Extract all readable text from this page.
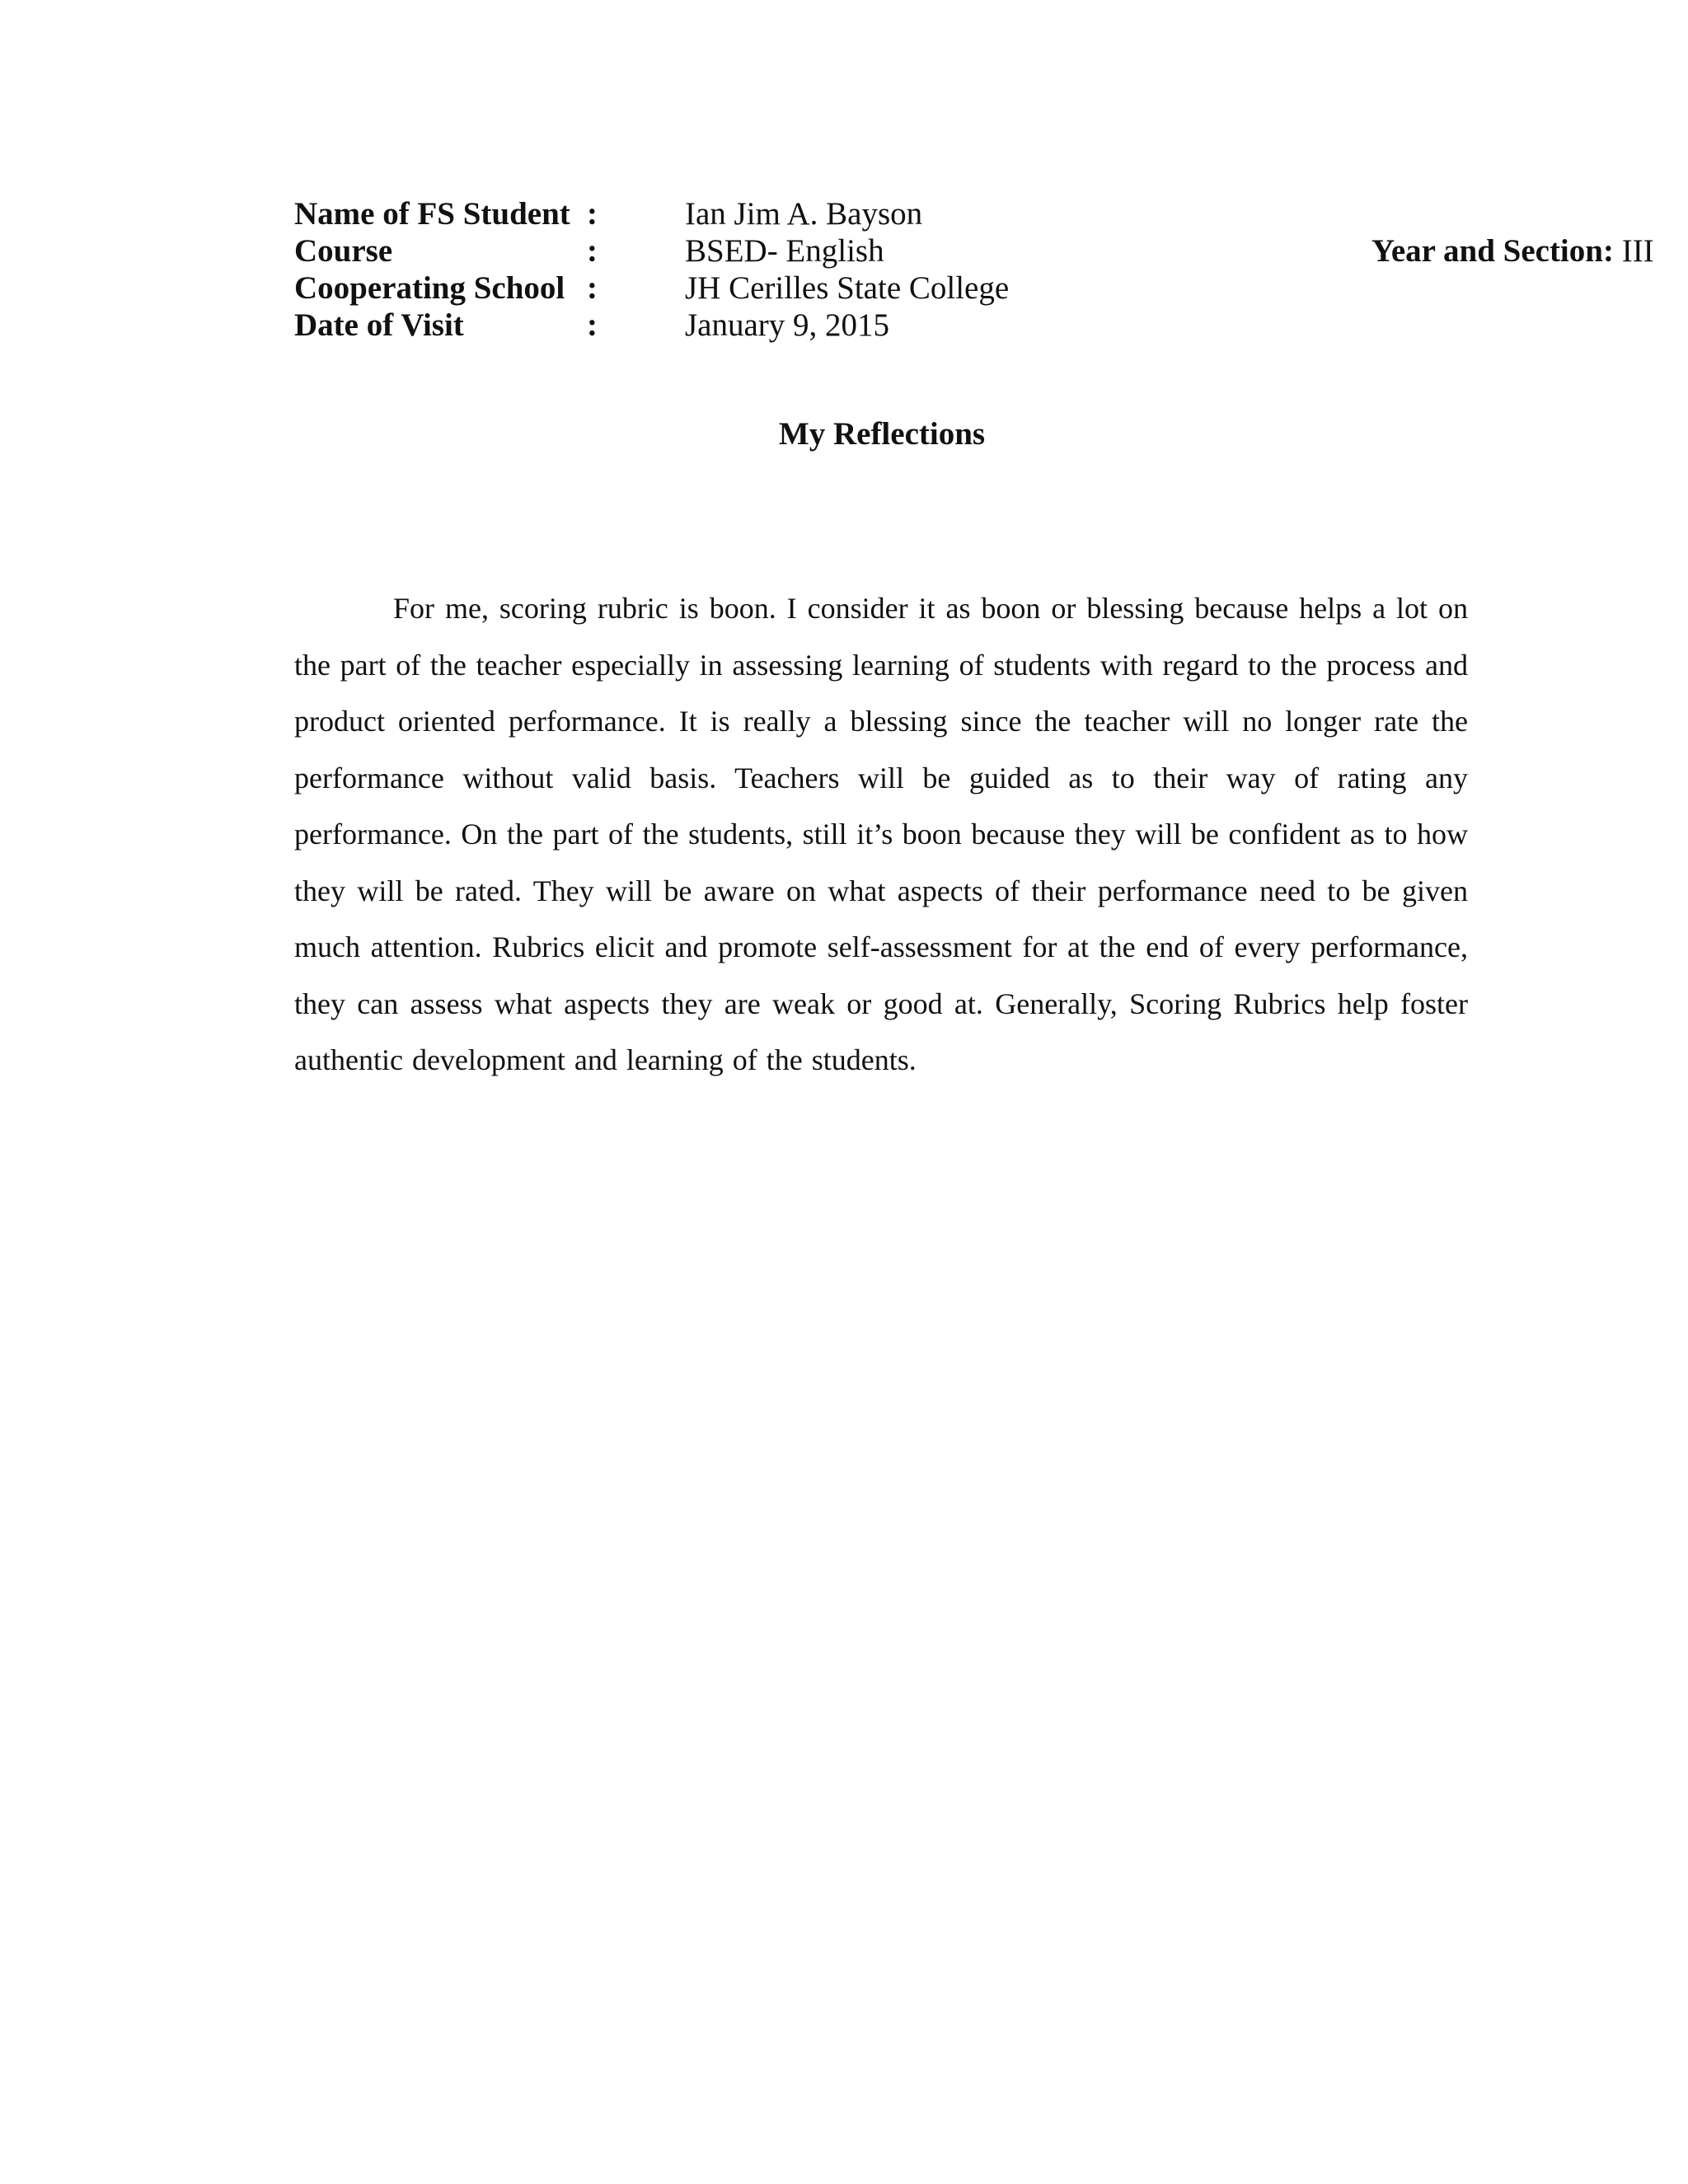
Name of FS Student :	Ian Jim A. Bayson
Course	:	BSED- English	Year and Section: III
Cooperating School :	JH Cerilles State College
Date of Visit	:	January 9, 2015
My Reflections

For me, scoring rubric is boon. I consider it as boon or blessing because helps a lot on the part of the teacher especially in assessing learning of students with regard to the process and product oriented performance. It is really a blessing since the teacher will no longer rate the performance without valid basis. Teachers will be guided as to their way of rating any performance. On the part of the students, still it’s boon because they will be confident as to how they will be rated. They will be aware on what aspects of their performance need to be given much attention. Rubrics elicit and promote self-assessment for at the end of every performance, they can assess what aspects they are weak or good at. Generally, Scoring Rubrics help foster authentic development and learning of the students.
